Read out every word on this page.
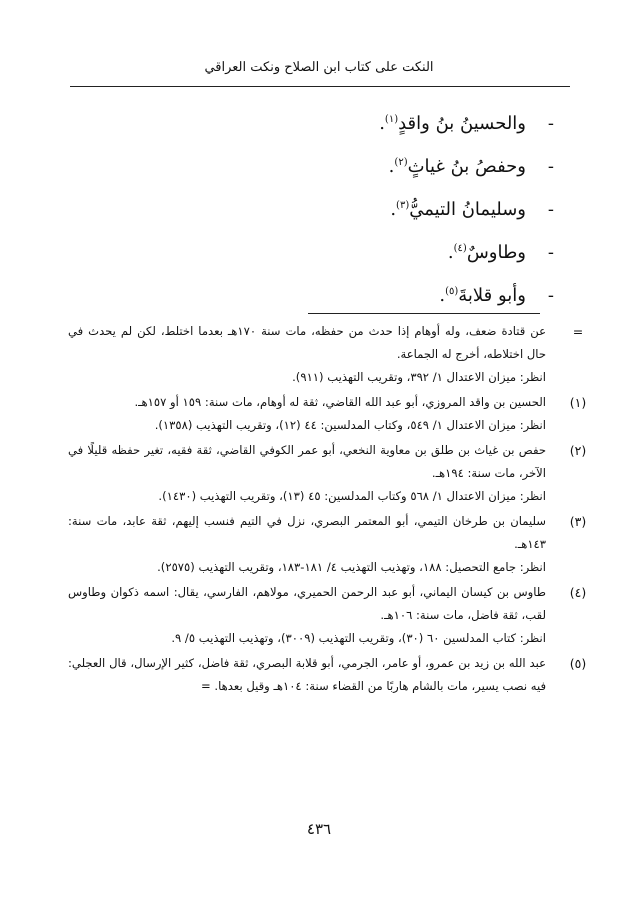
النكت على كتاب ابن الصلاح ونكت العراقي
-والحسينُ بنُ واقدٍ$^{(١)}$.
-وحفصُ بنُ غياثٍ$^{(٢)}$.
-وسليمانُ التيميُّ$^{(٣)}$.
-وطاوسٌ$^{(٤)}$.
-وأبو قلابةَ$^{(٥)}$.
=

عن قتادة ضعف، وله أوهام إذا حدث من حفظه، مات سنة ١٧٠هـ بعدما اختلط، لكن لم يحدث في حال اختلاطه، أخرج له الجماعة.

انظر: ميزان الاعتدال ١/ ٣٩٢، وتقريب التهذيب (٩١١).

(١)

الحسين بن واقد المروزي، أبو عبد الله القاضي، ثقة له أوهام، مات سنة: ١٥٩ أو ١٥٧هـ.

انظر: ميزان الاعتدال ١/ ٥٤٩، وكتاب المدلسين: ٤٤ (١٢)، وتقريب التهذيب (١٣٥٨).

(٢)

حفص بن غياث بن طلق بن معاوية النخعي، أبو عمر الكوفي القاضي، ثقة فقيه، تغير حفظه قليلًا في الآخر، مات سنة: ١٩٤هـ.

انظر: ميزان الاعتدال ١/ ٥٦٨ وكتاب المدلسين: ٤٥ (١٣)، وتقريب التهذيب (١٤٣٠).

(٣)

سليمان بن طرخان التيمي، أبو المعتمر البصري، نزل في التيم فنسب إليهم، ثقة عابد، مات سنة: ١٤٣هـ.

انظر: جامع التحصيل: ١٨٨، وتهذيب التهذيب ٤/ ١٨١-١٨٣، وتقريب التهذيب (٢٥٧٥).

(٤)

طاوس بن كيسان اليماني، أبو عبد الرحمن الحميري، مولاهم، الفارسي، يقال: اسمه ذكوان وطاوس لقب، ثقة فاضل، مات سنة: ١٠٦هـ.

انظر: كتاب المدلسين ٦٠ (٣٠)، وتقريب التهذيب (٣٠٠٩)، وتهذيب التهذيب ٥/ ٩.

(٥)

عبد الله بن زيد بن عمرو، أو عامر، الجرمي، أبو قلابة البصري، ثقة فاضل، كثير الإرسال، قال العجلي: فيه نصب يسير، مات بالشام هاربًا من القضاء سنة: ١٠٤هـ وقيل بعدها. =

٤٣٦
